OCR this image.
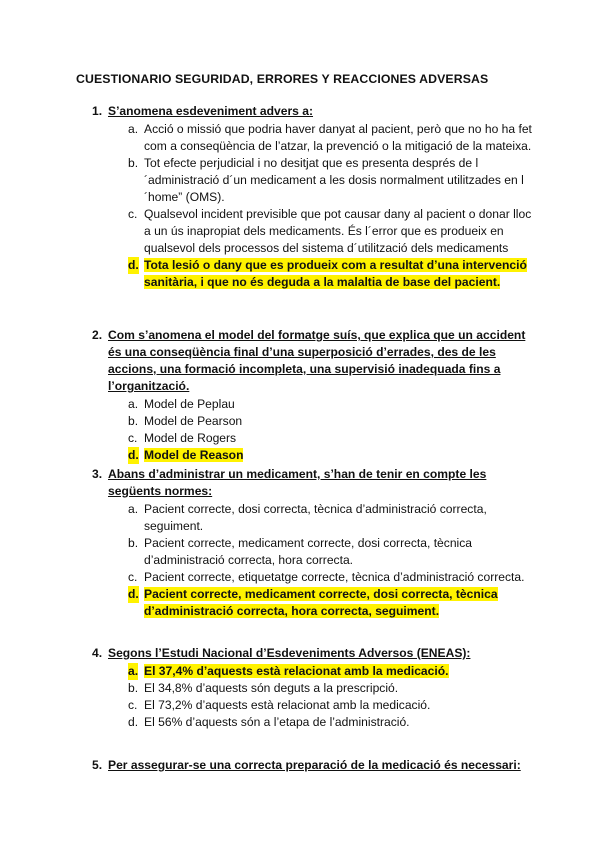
CUESTIONARIO SEGURIDAD, ERRORES Y REACCIONES ADVERSAS
1. S’anomena esdeveniment advers a:
a. Acció o missió que podria haver danyat al pacient, però que no ho ha fet com a conseqüència de l’atzar, la prevenció o la mitigació de la mateixa.
b. Tot efecte perjudicial i no desitjat que es presenta després de l´administració d´un medicament a les dosis normalment utilitzades en l´home” (OMS).
c. Qualsevol incident previsible que pot causar dany al pacient o donar lloc a un ús inapropiat dels medicaments. És l´error que es produeix en qualsevol dels processos del sistema d´utilització dels medicaments
d. Tota lesió o dany que es produeix com a resultat d’una intervenció sanitària, i que no és deguda a la malaltia de base del pacient.
2. Com s’anomena el model del formatge suís, que explica que un accident és una conseqüència final d’una superposició d’errades, des de les accions, una formació incompleta, una supervisió inadequada fins a l’organització.
a. Model de Peplau
b. Model de Pearson
c. Model de Rogers
d. Model de Reason
3. Abans d’administrar un medicament, s’han de tenir en compte les següents normes:
a. Pacient correcte, dosi correcta, tècnica d’administració correcta, seguiment.
b. Pacient correcte, medicament correcte, dosi correcta, tècnica d’administració correcta, hora correcta.
c. Pacient correcte, etiquetatge correcte, tècnica d’administració correcta.
d. Pacient correcte, medicament correcte, dosi correcta, tècnica d’administració correcta, hora correcta, seguiment.
4. Segons l’Estudi Nacional d’Esdeveniments Adversos (ENEAS):
a. El 37,4% d’aquests està relacionat amb la medicació.
b. El 34,8% d’aquests són deguts a la prescripció.
c. El 73,2% d’aquests està relacionat amb la medicació.
d. El 56% d’aquests són a l’etapa de l’administració.
5. Per assegurar-se una correcta preparació de la medicació és necessari:
